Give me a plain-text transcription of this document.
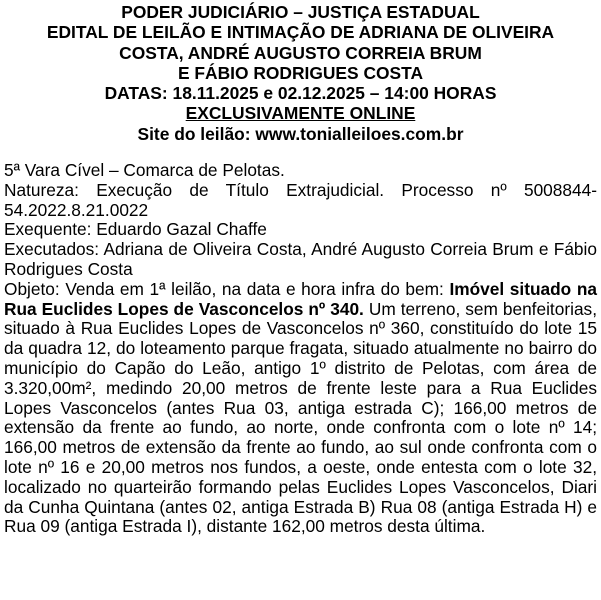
PODER JUDICIÁRIO – JUSTIÇA ESTADUAL
EDITAL DE LEILÃO E INTIMAÇÃO DE ADRIANA DE OLIVEIRA
COSTA, ANDRÉ AUGUSTO CORREIA BRUM
E FÁBIO RODRIGUES COSTA
DATAS: 18.11.2025 e 02.12.2025 – 14:00 HORAS
EXCLUSIVAMENTE ONLINE
Site do leilão: www.tonialleiloes.com.br

5ª Vara Cível – Comarca de Pelotas.

Natureza: Execução de Título Extrajudicial. Processo nº 5008844-54.2022.8.21.0022

Exequente: Eduardo Gazal Chaffe

Executados: Adriana de Oliveira Costa, André Augusto Correia Brum e Fábio Rodrigues Costa

Objeto: Venda em 1ª leilão, na data e hora infra do bem: Imóvel situado na Rua Euclides Lopes de Vasconcelos nº 340. Um terreno, sem benfeitorias, situado à Rua Euclides Lopes de Vasconcelos nº 360, constituído do lote 15 da quadra 12, do loteamento parque fragata, situado atualmente no bairro do município do Capão do Leão, antigo 1º distrito de Pelotas, com área de 3.320,00m², medindo 20,00 metros de frente leste para a Rua Euclides Lopes Vasconcelos (antes Rua 03, antiga estrada C); 166,00 metros de extensão da frente ao fundo, ao norte, onde confronta com o lote nº 14; 166,00 metros de extensão da frente ao fundo, ao sul onde confronta com o lote nº 16 e 20,00 metros nos fundos, a oeste, onde entesta com o lote 32, localizado no quarteirão formando pelas Euclides Lopes Vasconcelos, Diari da Cunha Quintana (antes 02, antiga Estrada B) Rua 08 (antiga Estrada H) e Rua 09 (antiga Estrada I), distante 162,00 metros desta última.
